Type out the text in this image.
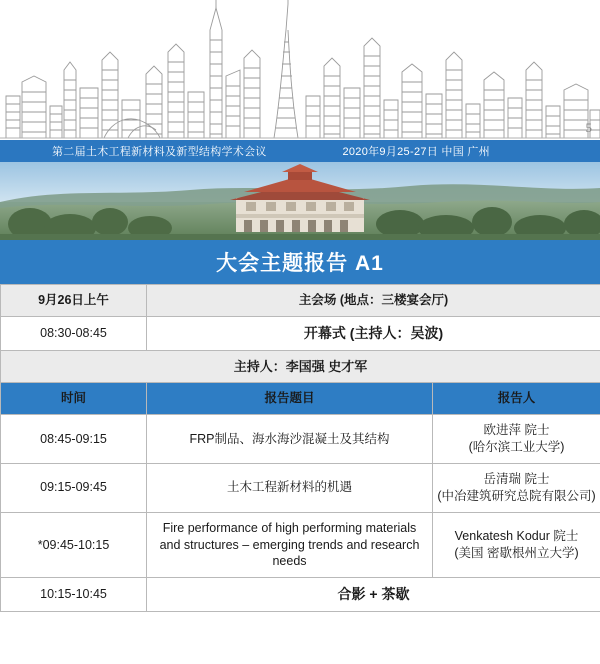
5
第二届土木工程新材料及新型结构学术会议	2020年9月25-27日 中国 广州
大会主题报告 A1
9月26日上午	主会场 (地点：三楼宴会厅)	
08:30-08:45	开幕式 (主持人：吴波)	
主持人：李国强 史才军		
时间	报告题目	报告人
08:45-09:15	FRP制品、海水海沙混凝土及其结构	欧进萍 院士
(哈尔滨工业大学)

09:15-09:45	土木工程新材料的机遇	岳清瑞 院士
(中冶建筑研究总院有限公司)

*09:45-10:15	Fire performance of high performing materials and structures – emerging trends and research needs	Venkatesh Kodur 院士
(美国 密歇根州立大学)

10:15-10:45	合影 + 茶歇	
